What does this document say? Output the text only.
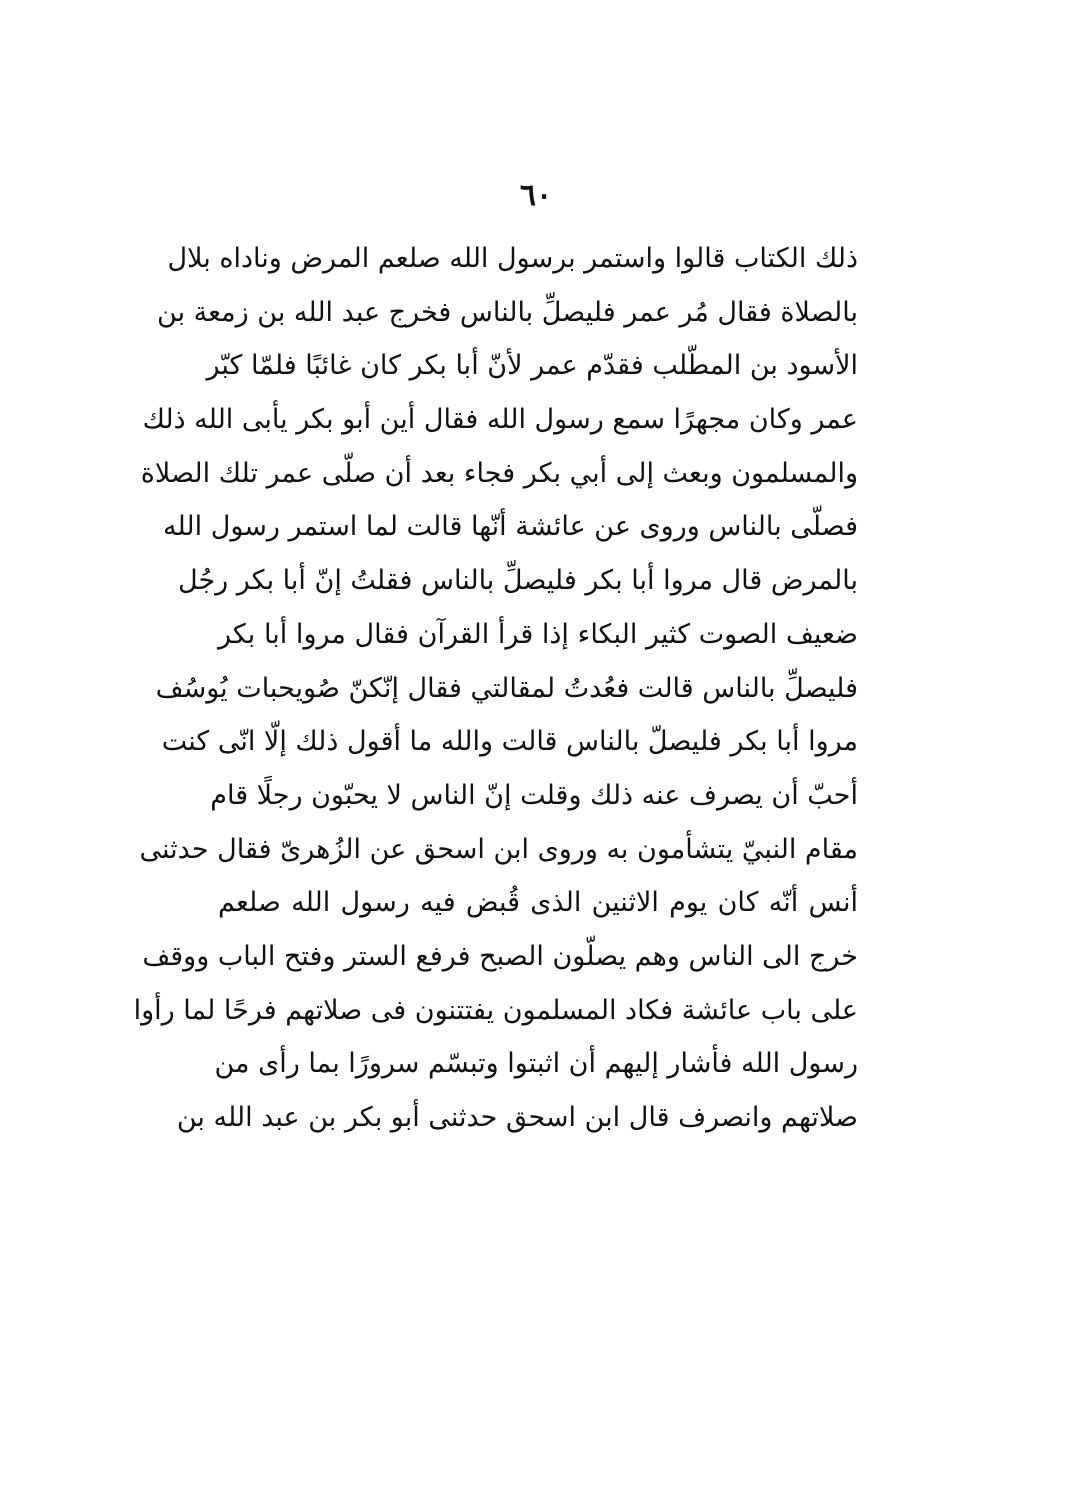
٦٠
ذلك الكتاب قالوا واستمر برسول الله صلعم المرض وناداه بلال
بالصلاة فقال مُر عمر فليصلِّ بالناس فخرج عبد الله بن زمعة بن
الأسود بن المطّلب فقدّم عمر لأنّ أبا بكر كان غائبًا فلمّا كبّر
عمر وكان مجهرًا سمع رسول الله فقال أين أبو بكر يأبى الله ذلك
والمسلمون وبعث إلى أبي بكر فجاء بعد أن صلّى عمر تلك الصلاة
فصلّى بالناس وروى عن عائشة أنّها قالت لما استمر رسول الله
بالمرض قال مروا أبا بكر فليصلِّ بالناس فقلتُ إنّ أبا بكر رجُل
ضعيف الصوت كثير البكاء إذا قرأ القرآن فقال مروا أبا بكر
فليصلِّ بالناس قالت فعُدتُ لمقالتي فقال إنّكنّ صُويحبات يُوسُف
مروا أبا بكر فليصلّ بالناس قالت والله ما أقول ذلك إلّا انّى كنت
أحبّ أن يصرف عنه ذلك وقلت إنّ الناس لا يحبّون رجلًا قام
مقام النبيّ يتشأمون به وروى ابن اسحق عن الزُهرىّ فقال حدثنى
أنس أنّه كان يوم الاثنين الذى قُبض فيه رسول الله صلعم
خرج الى الناس وهم يصلّون الصبح فرفع الستر وفتح الباب ووقف
على باب عائشة فكاد المسلمون يفتتنون فى صلاتهم فرحًا لما رأوا
رسول الله فأشار إليهم أن اثبتوا وتبسّم سرورًا بما رأى من
صلاتهم وانصرف قال ابن اسحق حدثنى أبو بكر بن عبد الله بن
